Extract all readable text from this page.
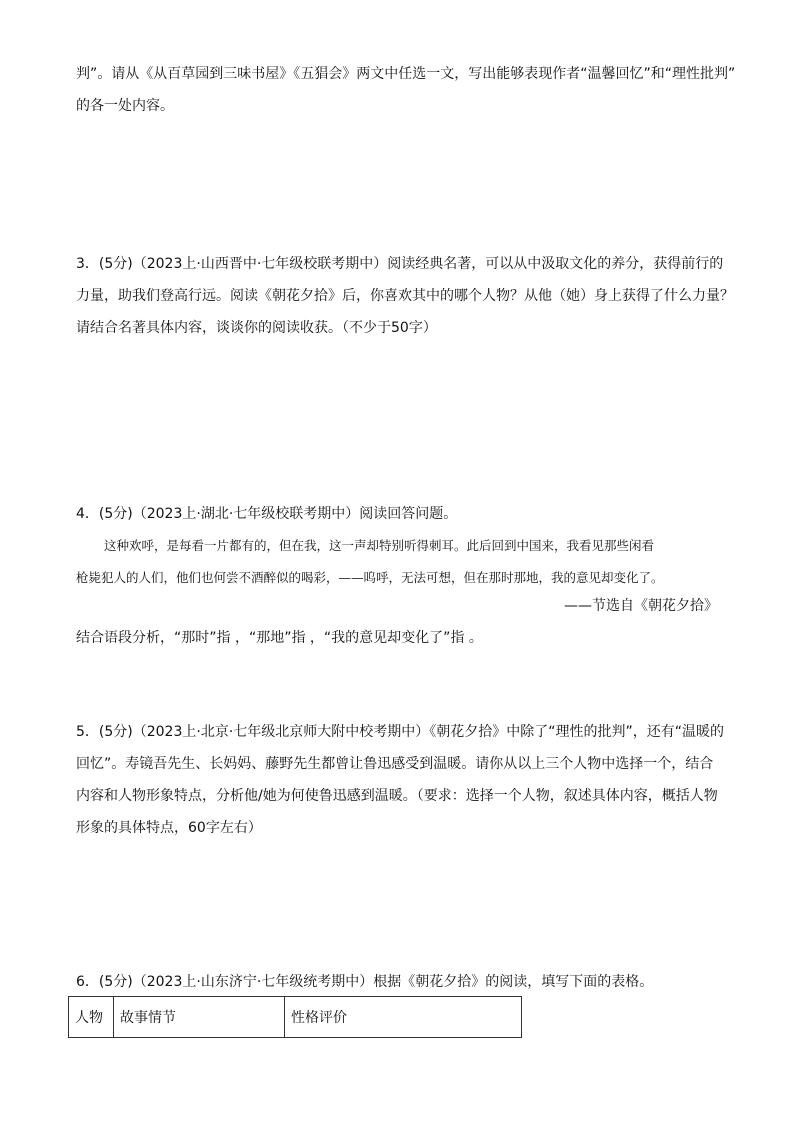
判”。请从《从百草园到三味书屋》《五猖会》两文中任选一文，写出能够表现作者“温馨回忆”和“理性批判”
的各一处内容。
3．(5分)（2023上·山西晋中·七年级校联考期中）阅读经典名著，可以从中汲取文化的养分，获得前行的
力量，助我们登高行远。阅读《朝花夕拾》后，你喜欢其中的哪个人物？从他（她）身上获得了什么力量？
请结合名著具体内容，谈谈你的阅读收获。（不少于50字）
4．(5分)（2023上·湖北·七年级校联考期中）阅读回答问题。
这种欢呼，是每看一片都有的，但在我，这一声却特别听得刺耳。此后回到中国来，我看见那些闲看
枪毙犯人的人们，他们也何尝不酒醉似的喝彩，——呜呼，无法可想，但在那时那地，我的意见却变化了。
——节选自《朝花夕拾》
结合语段分析，“那时”指 ，“那地”指 ，“我的意见却变化了”指 。
5．(5分)（2023上·北京·七年级北京师大附中校考期中）《朝花夕拾》中除了“理性的批判”，还有“温暖的
回忆”。寿镜吾先生、长妈妈、藤野先生都曾让鲁迅感受到温暖。请你从以上三个人物中选择一个，结合
内容和人物形象特点，分析他/她为何使鲁迅感到温暖。（要求：选择一个人物，叙述具体内容，概括人物
形象的具体特点，60字左右）
6．(5分)（2023上·山东济宁·七年级统考期中）根据《朝花夕拾》的阅读，填写下面的表格。
人物	故事情节	性格评价
